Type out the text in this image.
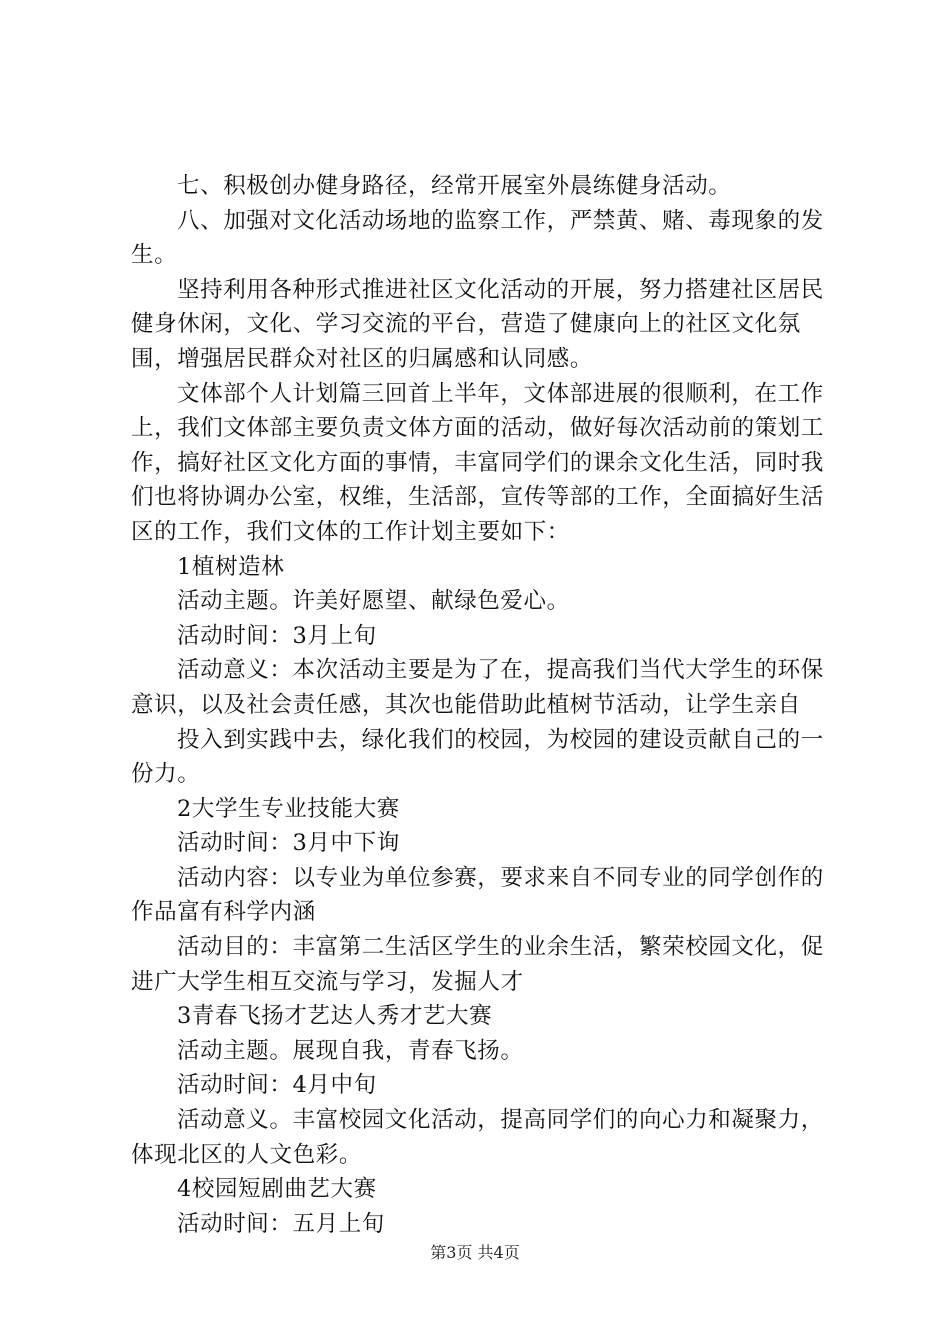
七、积极创办健身路径，经常开展室外晨练健身活动。

八、加强对文化活动场地的监察工作，严禁黄、赌、毒现象的发生。

坚持利用各种形式推进社区文化活动的开展，努力搭建社区居民健身休闲，文化、学习交流的平台，营造了健康向上的社区文化氛围，增强居民群众对社区的归属感和认同感。

文体部个人计划篇三回首上半年，文体部进展的很顺利，在工作上，我们文体部主要负责文体方面的活动，做好每次活动前的策划工作，搞好社区文化方面的事情，丰富同学们的课余文化生活，同时我们也将协调办公室，权维，生活部，宣传等部的工作，全面搞好生活区的工作，我们文体的工作计划主要如下：

1植树造林

活动主题。许美好愿望、献绿色爱心。

活动时间：3月上旬

活动意义：本次活动主要是为了在，提高我们当代大学生的环保意识，以及社会责任感，其次也能借助此植树节活动，让学生亲自

投入到实践中去，绿化我们的校园，为校园的建设贡献自己的一份力。

2大学生专业技能大赛

活动时间：3月中下询

活动内容：以专业为单位参赛，要求来自不同专业的同学创作的作品富有科学内涵

活动目的：丰富第二生活区学生的业余生活，繁荣校园文化，促进广大学生相互交流与学习，发掘人才

3青春飞扬才艺达人秀才艺大赛

活动主题。展现自我，青春飞扬。

活动时间：4月中旬

活动意义。丰富校园文化活动，提高同学们的向心力和凝聚力，体现北区的人文色彩。

4校园短剧曲艺大赛

活动时间：五月上旬

第3页 共4页
